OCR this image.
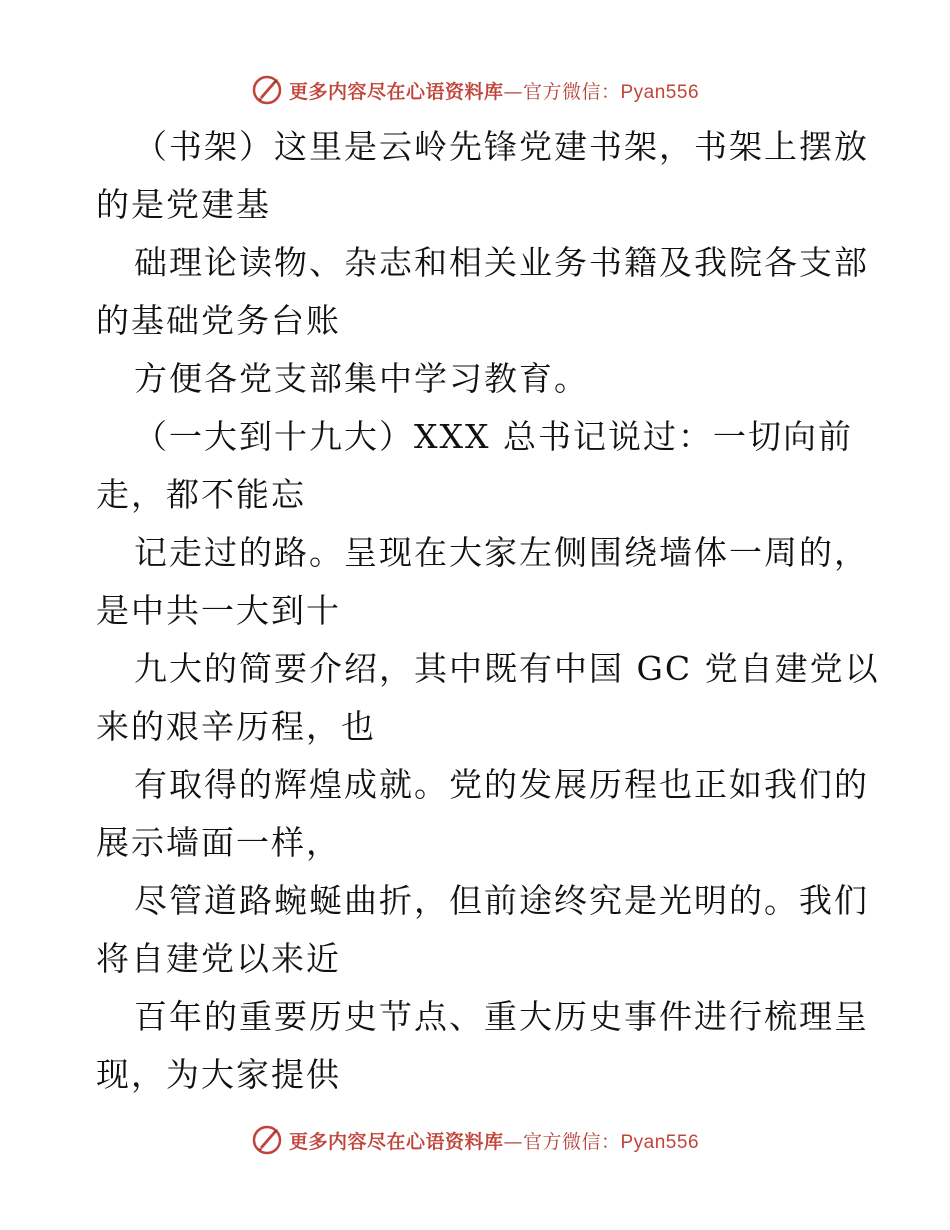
更多内容尽在心语资料库—官方微信：Pyan556
（书架）这里是云岭先锋党建书架，书架上摆放
的是党建基
础理论读物、杂志和相关业务书籍及我院各支部
的基础党务台账
方便各党支部集中学习教育。
（一大到十九大）XXX 总书记说过：一切向前
走，都不能忘
记走过的路。呈现在大家左侧围绕墙体一周的，
是中共一大到十
九大的简要介绍，其中既有中国 GC 党自建党以
来的艰辛历程，也
有取得的辉煌成就。党的发展历程也正如我们的
展示墙面一样，
尽管道路蜿蜒曲折，但前途终究是光明的。我们
将自建党以来近
百年的重要历史节点、重大历史事件进行梳理呈
现，为大家提供
更多内容尽在心语资料库—官方微信：Pyan556
